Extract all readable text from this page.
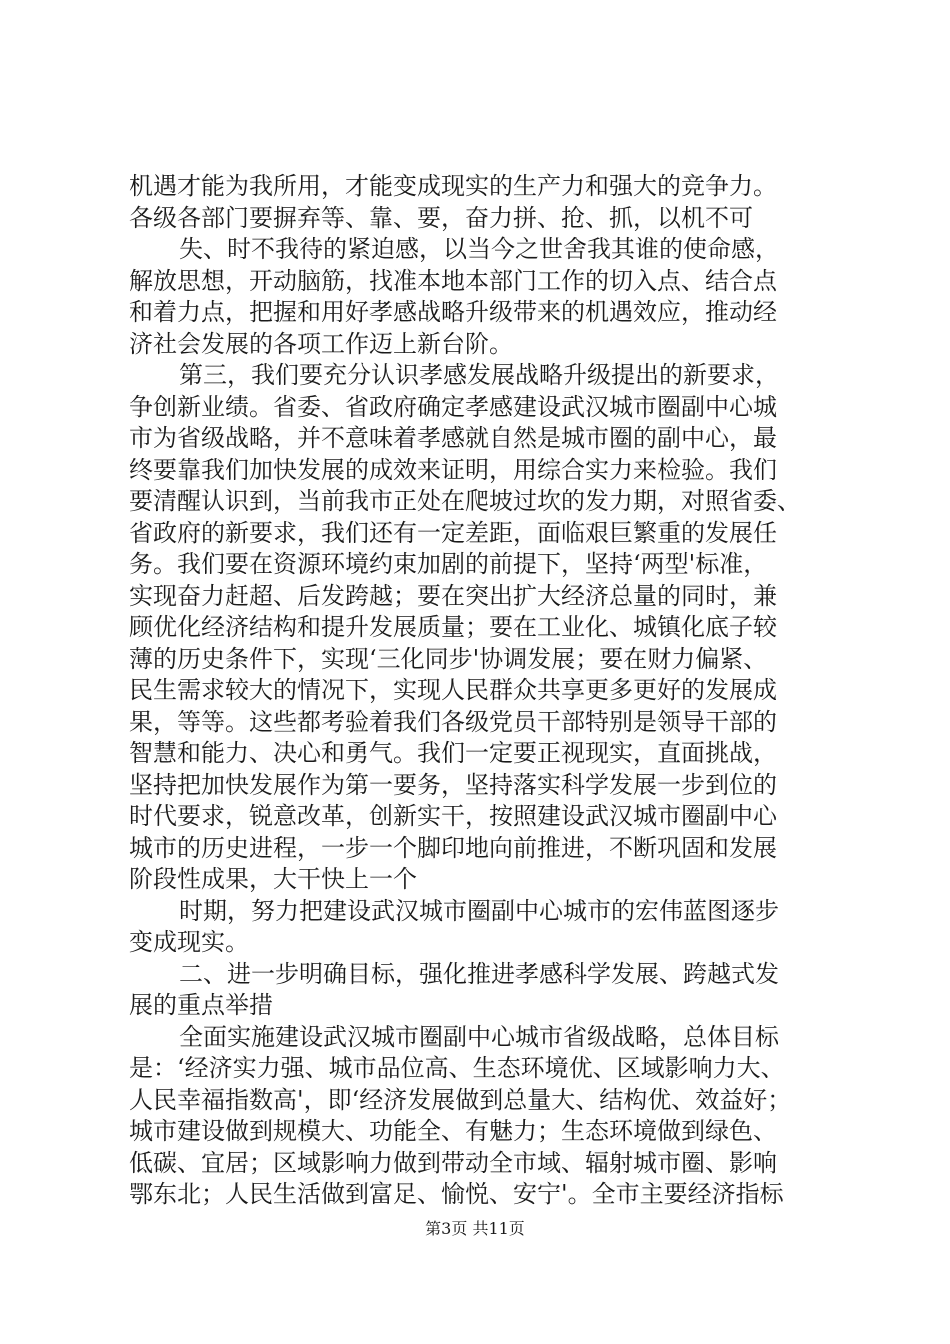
机遇才能为我所用，才能变成现实的生产力和强大的竞争力。
各级各部门要摒弃等、靠、要，奋力拼、抢、抓，以机不可
失、时不我待的紧迫感，以当今之世舍我其谁的使命感，
解放思想，开动脑筋，找准本地本部门工作的切入点、结合点
和着力点，把握和用好孝感战略升级带来的机遇效应，推动经
济社会发展的各项工作迈上新台阶。
第三，我们要充分认识孝感发展战略升级提出的新要求，
争创新业绩。省委、省政府确定孝感建设武汉城市圈副中心城
市为省级战略，并不意味着孝感就自然是城市圈的副中心，最
终要靠我们加快发展的成效来证明，用综合实力来检验。我们
要清醒认识到，当前我市正处在爬坡过坎的发力期，对照省委、
省政府的新要求，我们还有一定差距，面临艰巨繁重的发展任
务。我们要在资源环境约束加剧的前提下，坚持‘两型'标准，
实现奋力赶超、后发跨越；要在突出扩大经济总量的同时，兼
顾优化经济结构和提升发展质量；要在工业化、城镇化底子较
薄的历史条件下，实现‘三化同步'协调发展；要在财力偏紧、
民生需求较大的情况下，实现人民群众共享更多更好的发展成
果，等等。这些都考验着我们各级党员干部特别是领导干部的
智慧和能力、决心和勇气。我们一定要正视现实，直面挑战，
坚持把加快发展作为第一要务，坚持落实科学发展一步到位的
时代要求，锐意改革，创新实干，按照建设武汉城市圈副中心
城市的历史进程，一步一个脚印地向前推进，不断巩固和发展
阶段性成果，大干快上一个
时期，努力把建设武汉城市圈副中心城市的宏伟蓝图逐步
变成现实。
二、进一步明确目标，强化推进孝感科学发展、跨越式发
展的重点举措
全面实施建设武汉城市圈副中心城市省级战略，总体目标
是：‘经济实力强、城市品位高、生态环境优、区域影响力大、
人民幸福指数高'，即‘经济发展做到总量大、结构优、效益好；
城市建设做到规模大、功能全、有魅力；生态环境做到绿色、
低碳、宜居；区域影响力做到带动全市域、辐射城市圈、影响
鄂东北；人民生活做到富足、愉悦、安宁'。全市主要经济指标
第3页 共11页
